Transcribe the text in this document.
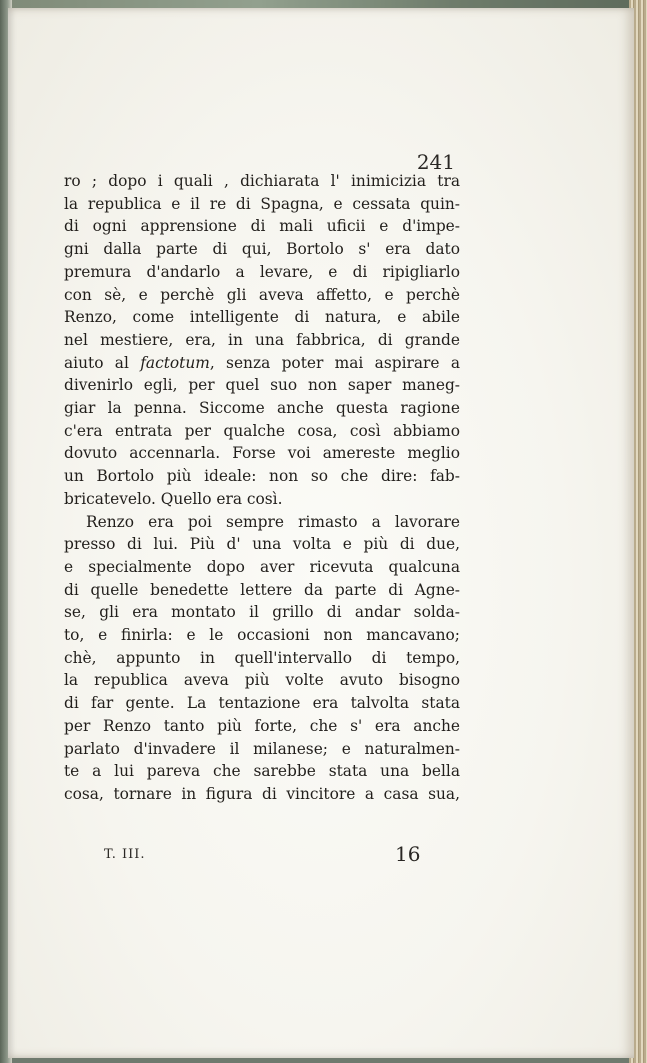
241
ro ; dopo i quali , dichiarata l' inimicizia tra
la republica e il re di Spagna, e cessata quin-
di ogni apprensione di mali uficii e d'impe-
gni dalla parte di qui, Bortolo s' era dato
premura d'andarlo a levare, e di ripigliarlo
con sè, e perchè gli aveva affetto, e perchè
Renzo, come intelligente di natura, e abile
nel mestiere, era, in una fabbrica, di grande
aiuto al factotum, senza poter mai aspirare a
divenirlo egli, per quel suo non saper maneg-
giar la penna. Siccome anche questa ragione
c'era entrata per qualche cosa, così abbiamo
dovuto accennarla. Forse voi amereste meglio
un Bortolo più ideale: non so che dire: fab-
bricatevelo. Quello era così.
Renzo era poi sempre rimasto a lavorare
presso di lui. Più d' una volta e più di due,
e specialmente dopo aver ricevuta qualcuna
di quelle benedette lettere da parte di Agne-
se, gli era montato il grillo di andar solda-
to, e finirla: e le occasioni non mancavano;
chè, appunto in quell'intervallo di tempo,
la republica aveva più volte avuto bisogno
di far gente. La tentazione era talvolta stata
per Renzo tanto più forte, che s' era anche
parlato d'invadere il milanese; e naturalmen-
te a lui pareva che sarebbe stata una bella
cosa, tornare in figura di vincitore a casa sua,
T. III.	16
